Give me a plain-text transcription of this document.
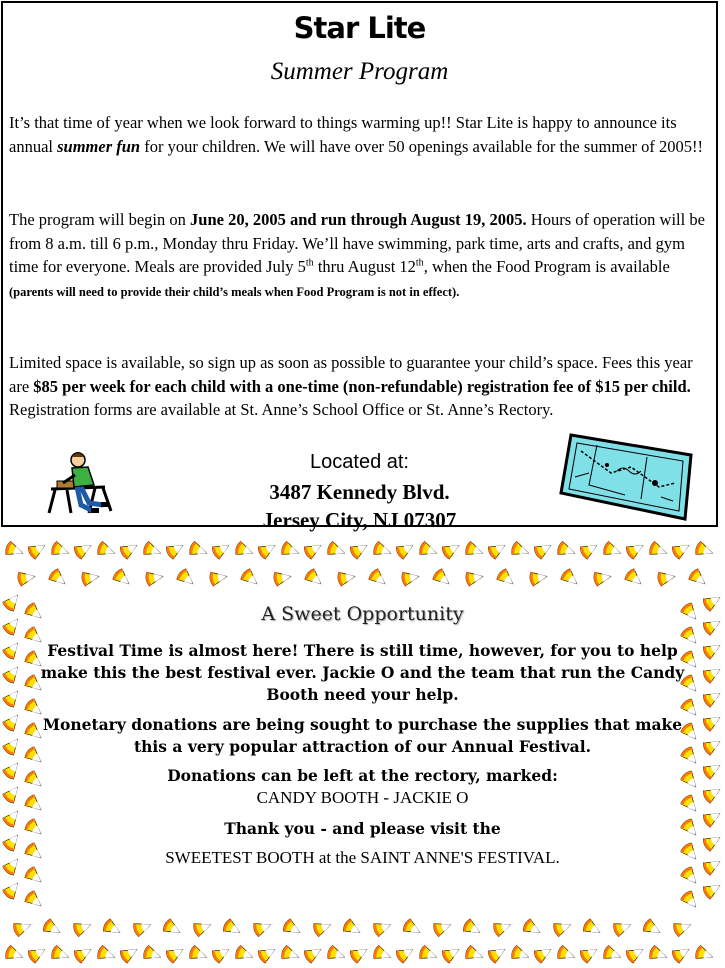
Star Lite
Summer Program

It’s that time of year when we look forward to things warming up!! Star Lite is happy to announce its annual summer fun for your children. We will have over 50 openings available for the summer of 2005!!

The program will begin on June 20, 2005 and run through August 19, 2005. Hours of operation will be from 8 a.m. till 6 p.m., Monday thru Friday. We’ll have swimming, park time, arts and crafts, and gym time for everyone. Meals are provided July 5th thru August 12th, when the Food Program is available (parents will need to provide their child’s meals when Food Program is not in effect).

Limited space is available, so sign up as soon as possible to guarantee your child’s space. Fees this year are $85 per week for each child with a one-time (non-refundable) registration fee of $15 per child. Registration forms are available at St. Anne’s School Office or St. Anne’s Rectory.

Located at:
3487 Kennedy Blvd.
Jersey City, NJ 07307
A Sweet Opportunity

Festival Time is almost here! There is still time, however, for you to help make this the best festival ever. Jackie O and the team that run the Candy Booth need your help.

Monetary donations are being sought to purchase the supplies that make this a very popular attraction of our Annual Festival.

Donations can be left at the rectory, marked:
CANDY BOOTH - JACKIE O

Thank you - and please visit the

SWEETEST BOOTH at the SAINT ANNE'S FESTIVAL.
